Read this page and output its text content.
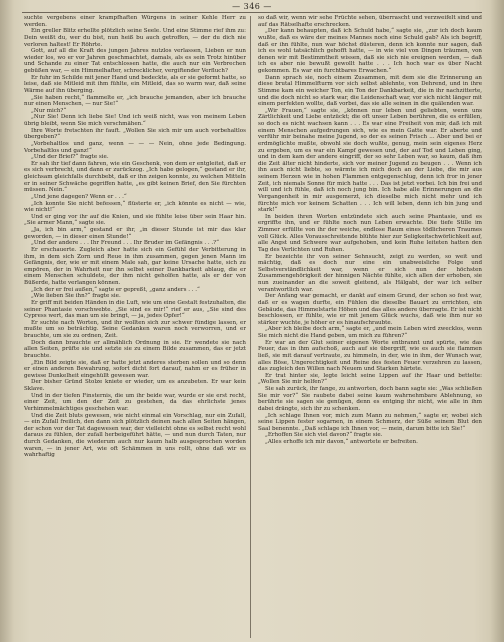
— 346 —

suchte vergebens einer krampfhaften Würgens in seiner Kehle Herr zu werden.

Ein greller Blitz erhellte plötzlich seine Seele. Und eine Stimme rief ihm zu: Dein weißt du, wer du bist, nun heiß bu auch getroffen, — der du dich nie verloren haltest! Er Röhrte.

Gott, auf all die Kraft des jungen Jahres nutzlos verlassen, Lieben er nun wieder los, wo er vor Jahren geschmachtet, damals, als es sein Trotz hinüber und Schande zu einer Tat entschlossen hatte, die auch nur ein Verbrechen gebüßen war, — ein Himmelhafter, schrecklicher, vergiftender Verfluch?

Er fuhr im Schilde mit jener Hand und bedeckte, als er sie geformt hatte, so leise, daß sie Mitleid mit ihm fühlte, ein Mitleid, das so warm war, daß seine Wärme auf ihn überging.

„Sie haben recht,“ flammelte er, „ich brauche jemanden, aber ich brauche nur einen Menschen, — nur Sie!“

„Nur mich?“

„Nur Sie! Denn ich liebe Sie! Und ich weiß nicht, was von meinem Leben übrig bleibt, wenn Sie mich verschmähen.“

Ihre Worte fretschten ihr fauft. „Wollen Sie sich mir um auch vorbehaltlos übergeben?“

„Vorbehaltlos und ganz, wenn — — — Nein, ohne jede Bedingung. Vorbehaltlos und ganz!“

„Und der Brief?“ fragte sie.

Er sah ihr tief dann fahren, wie ein Geschenk, von dem er entgleitet, daß er es sich verbrecht, und dann er zurückzog. „Ich habe gelogen,“ gestand er ihr, gleichsam gleichfalls durchbebt, daß er ihn zeigen konnte, zu welchen Mitteln er in seiner Schwäche gegriffen hatte, „es gibt keinen Brief, den Sie fürchten müssen. Nein.“

„Und jene dagegen? Wenn er . . .“

„Ich konnte Sie nicht befessen,“ flüsterte er, „ich könnte es nicht — wie, wie nicht!“

Und er ging vor ihr auf die Knien, und sie fühlte leise über sein Haar hin. „Sie armer Mann,“ sagte sie.

„Ja, ich bin arm,“ gestand er ihr, „in dieser Stunde ist mir das klar geworden, — in dieser einen Stunde!“

„Und der andere . . . Ihr Freund . . . Ihr Bruder im Gefängnis . . .?“

Er erschauerte. Zugleich aber hatte sich ein Gefühl der Verbitterung in ihm, in dem sich Zorn und Reue in ihm zusammen, gegen jenen Mann im Gefängnis, der, wie er mit einem Male sah, gar keine Ursache hatte, sich zu empören, der in Wahrheit nur ihn selbst seiner Dankbarkeit ablaug, die er einem Menschen schuldete, der ihm nicht geholfen hatte, als er der von Büßerde, hatte verlangen können.

„Ich der er frei außen,“ sagte er gepreßt, „ganz anders . . .“

„Wie lieben Sie ihn?“ fragte sie.

Er griff mit beiden Händen in die Luft, wie um eine Gestalt festzuhalten, die seiner Phantasie vorschwebte. „Sie sind es mir!“ rief er aus, „Sie sind des Cypress wert, das man um sie bringt, — ja, jedes Opfer!“

Er suchte nach Worten, und ihr wollten sich zur schwer fündige lassen, er mußte um so beträchtig. Seine Gedanken waren noch verworren, und er brauchte, um sie zu ordnen, Zeit.

Doch dann brauchte er allmählich Ordnung in sie. Er wendete sie nach allen Seiten, prüfte sie und setzte sie zu einem Bilde zusammen, das er jetzt brauchte.

„Ein Bild zeigte sie, daß er hatte jetzt anderes sterben sollen und so denn er einen anderen Bewahrung, sofort dicht fort darauf, nahm er es früher in gewisse Dunkelheit eingehüllt gewesen war.

Der bisher Gründ Stolze kniete er wieder, um es anzubeten. Er war kein Sklave.

Und in der tiefen Finsternis, die um ihr beide war, wurde er sie erst recht, einer Zeit, um den der Zeit zu gestehen, da das ehrlichste jenes Verhimmelmächtiges geschehen war.

Und die Zeit bluts gewesen, wie nicht einmal ein Vorschlag, nur ein Zufall, — ein Zufall freilich, den dann sich plötzlich deinen nach allen Seiten hängen, der schon vor der Tat dagewesen war, der vielleicht ohne es selbst recht wohl daraus zu fühlen, der zufall herbeigeführt hätte, — und nun durch Taten, nur durch Gedanken, die wiederum auch nur kaum halb ausgesprochen worden waren, — in jener Art, wie oft Schämmen in uns rollt, ohne daß wir es wahrhaftig

so daß wir, wenn wir sehe Früchte sehen, überrascht und verzweifelt sind und auf das Rätselhafte erschrecken.

„Der kann behaupten, daß ich Schuld habe,“ sagte sie, „zur ich doch kaum wußte, daß es wäre der meines Mannes noch eine Schuld gab? Als ich begriff, daß er ihn fühlte, nun war höchst düsteren, denn ich konnte nur sagen, daß ich es wohl tatsächlich gehofft hatte, — in wie viel von Dingen träumen, von denen wir mit Bestimmtheit wissen, daß sie sich nie ereignen werden, — daß ich es aber nie bewußt gewollt hatte . . . Ich hoch war es über Nacht gekommen. Es war ein furchtbares Erwachen.“

Dann sprach sie, noch einem Zusammen, mit dem sie die Erinnerung an diese brutal Himmelfturm vor sich selbst ablehnte, von Dehrend, und in ihre Stimme kam ein weicher Ton, ein Ton der Dankbarkeit, die in ihr nachzitterte, und die doch nicht so stark war, die Leidenschaft war, vor sich nicht länger mit einem perfekten wollte, daß vorbei, das sie alle seinen in die quälenden war.

„Wir Frauen,“ sagte sie, „können nur leben und geliebten, wenn uns Zärtlichkeit und Liebe entzückt; die oft unser Leben berühren, die es erfüllen, so doch es nicht wachsen kann . . . Es war eine Freiheit von mir, daß ich mit einem Menschen aufgedrungen sich, wie es mein Gatte war. Er aberte und verführ mir beinahe meine Jugend, so der es seinen Frisch ... Aber und bei er erdmöglichte mußte, obwohl sie doch wußte, genug, mein sein eigenes Herz zu ergeben, um es war ein Kampf gewesen und, der auf Tod und Leben ging, und in dem kam der andere eingriff, der so sehr Leben war, so kaum, daß ihm die Zeit älter nicht hinderte, sich vor meiner Jugend zu beugen . . . Wenn ich ihn auch nicht liebte, so wärmte ich mich doch an der Liebe, die mir aus seinem Herzen wie in hohen Flammen entgegenschlug, denn ich fror in jener Zeit, ich niemals Sonne für mich hatte . . . Das ist jetzt vorbei. Ich bin frei und will und ich fühle, daß ich noch jung bin. Ich habe alle Erinnerungen an die Vergangenheit in mir ausgemerzt, ich dieselbe mich nicht mehr und ich fürchte mich vor keinem Schatten . . . Ich will leben, denn ich bin jung und stark!“

In beiden ihren Worten entzündete sich auch seine Phantasie, und es ergriffte ihn, und er fühlte noch nun Leben erwachte. Die tiefe Stille im Zimmer erfüllte von ihr der weiche, endlose Raum eines tödlicheren Traumes voll Glück. Alles Vorausschreitende blühte hier zur Seligkeitschwörlichkeit auf, alle Angst und Schwere war aufgehoben, und kein Ruhe leiteten hatten den Tag des Verlichten und Ruhen.

Er bezeichte ihr von seiner Sehnsucht, zeigt zu werden, so weit und mächtig, daß es doch nur eine ein unabweisliche Folge und Selbstverständlichkeit war, wenn er sich nun der höchsten Zusammengehörigkeit der hinnigen Nächte fühlte, sich allen der erhoben, sie nun zueinander an die soweit gleitend, als Hälgabt, der war ich selber verantwortlich war.

Der Anfang war gemacht, er dankt auf einem Grund, der schon so fest war, daß er es wagen durfte, ein Fühlen die dieselbe Bauart zu errichten, ein Gebäude, das Himmelstarte Höhen und das alles andere überragte. Er ist nicht beschlossen, er fühlte, wie er mit jenem Glück wuchs, daß wie ihm nur so stärker wuchte, je höher er es hinaufschraubte.

„Aber ich bleibe doch arm,“ sagte er, „und mein Leben wird zwecklos, wenn Sie mich nicht die Hand geben, um mich zu führen?“

Er war an der Glut seiner eigenen Worte entbrannt und spürte, wie das Feuer, das in ihm aufschoß, auch auf sie übergriff, wie es auch sie flammen ließ, sie mit darauf vertraute, zu himmeln, in der, wie in ihm, der Wunsch war, alles Böse, Ungerechtigkeit und Reine des festen Feuer verzehren zu lassen, das zugleich den Willen nach Neuem und Starken härtete.

Er trat hinter sie, legte leicht seine Lippen auf ihr Haar und bettelte: „Wollen Sie mir helfen?“

Sie sah zurück, ihr fange, zu antworten, doch bann sagte sie: „Was schließen Sie mir vor?“ Sie raubete dabei seine kaum wahrnehmbare Ablehnung, so berührte sie sagen sie genügen, denn es entging ihr nicht, wie alle in ihm dabei drängte, sich ihr zu schenken.

„Ich schlage Ihnen vor, mich zum Mann zu nehmen,“ sagte er, wobei sich seine Lippen fester sogarnen, in einem Schmerz, der Süße seinem Blut den Saal benennte. „Daß schlage ich Ihnen vor, — mein, darum bitte ich Sie!“

„Erhoffen Sie sich viel davon?“ fragte sie.

„Alles erhoffe ich mir davon,“ antwortete er befreiten.
